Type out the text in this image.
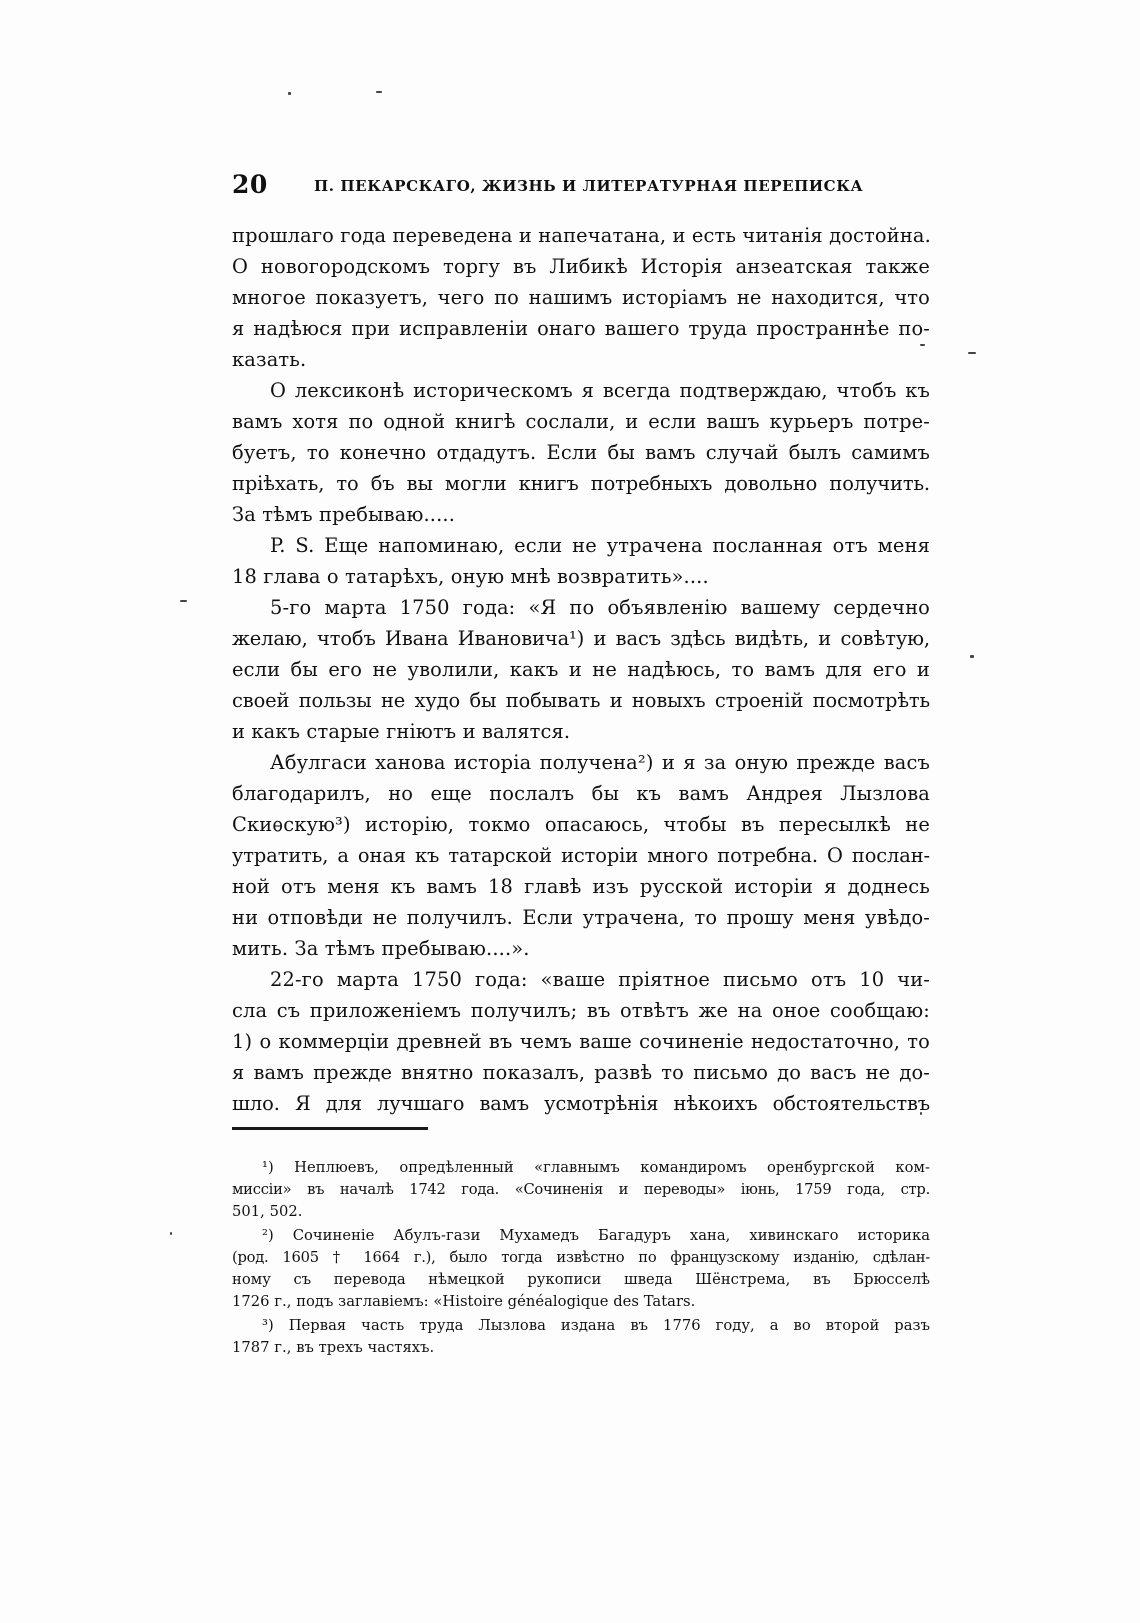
20	П. ПЕКАРСКАГО, ЖИЗНЬ И ЛИТЕРАТУРНАЯ ПЕРЕПИСКА
прошлаго года переведена и напечатана, и есть читанія достойна.
О новогородскомъ торгу въ Либикѣ Исторія анзеатская также
многое показуетъ, чего по нашимъ исторіамъ не находится, что
я надѣюся при исправленіи онаго вашего труда пространнѣе по-
казать.
О лексиконѣ историческомъ я всегда подтверждаю, чтобъ къ
вамъ хотя по одной книгѣ сослали, и если вашъ курьеръ потре-
буетъ, то конечно отдадутъ. Если бы вамъ случай былъ самимъ
пріѣхать, то бъ вы могли книгъ потребныхъ довольно получить.
За тѣмъ пребываю.....
P. S. Еще напоминаю, если не утрачена посланная отъ меня
18 глава о татарѣхъ, оную мнѣ возвратить»....
5-го марта 1750 года: «Я по объявленію вашему сердечно
желаю, чтобъ Ивана Ивановича¹) и васъ здѣсь видѣть, и совѣтую,
если бы его не уволили, какъ и не надѣюсь, то вамъ для его и
своей пользы не худо бы побывать и новыхъ строеній посмотрѣть
и какъ старые гніютъ и валятся.
Абулгаси ханова исторіа получена²) и я за оную прежде васъ
благодарилъ, но еще послалъ бы къ вамъ Андрея Лызлова
Скиѳскую³) исторію, токмо опасаюсь, чтобы въ пересылкѣ не
утратить, а оная къ татарской исторіи много потребна. О послан-
ной отъ меня къ вамъ 18 главѣ изъ русской исторіи я доднесь
ни отповѣди не получилъ. Если утрачена, то прошу меня увѣдо-
мить. За тѣмъ пребываю....».
22-го марта 1750 года: «ваше пріятное письмо отъ 10 чи-
сла съ приложеніемъ получилъ; въ отвѣтъ же на оное сообщаю:
1) о коммерціи древней въ чемъ ваше сочиненіе недостаточно, то
я вамъ прежде внятно показалъ, развѣ то письмо до васъ не до-
шло. Я для лучшаго вамъ усмотрѣнія нѣкоихъ обстоятельствъ
¹) Неплюевъ, опредѣленный «главнымъ командиромъ оренбургской ком-
миссіи» въ началѣ 1742 года. «Сочиненія и переводы» іюнь, 1759 года, стр.
501, 502.
²) Сочиненіе Абулъ-гази Мухамедъ Багадуръ хана, хивинскаго историка
(род. 1605 † 1664 г.), было тогда извѣстно по французскому изданію, сдѣлан-
ному съ перевода нѣмецкой рукописи шведа Шёнстрема, въ Брюсселѣ
1726 г., подъ заглавіемъ: «Histoire généalogique des Tatars.
³) Первая часть труда Лызлова издана въ 1776 году, а во второй разъ
1787 г., въ трехъ частяхъ.
